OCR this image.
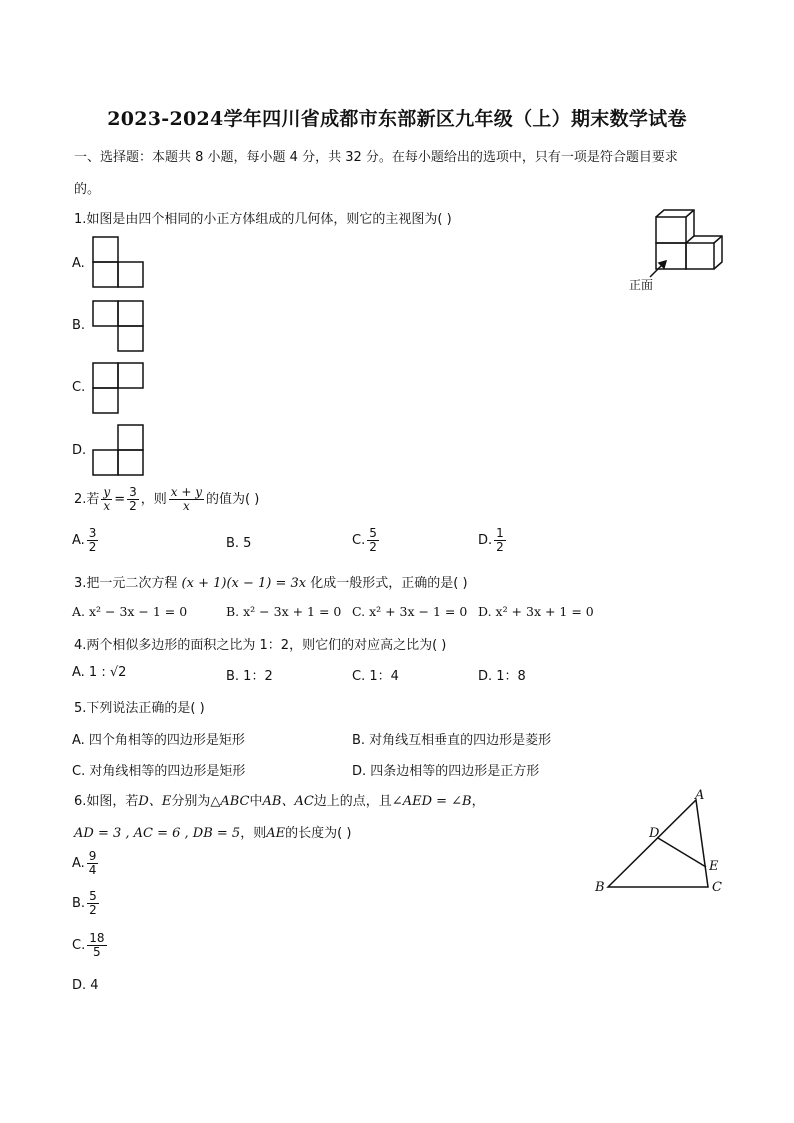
2023-2024学年四川省成都市东部新区九年级（上）期末数学试卷
一、选择题：本题共 8 小题，每小题 4 分，共 32 分。在每小题给出的选项中，只有一项是符合题目要求
的。
1.如图是由四个相同的小正方体组成的几何体，则它的主视图为( )
正面
A.
B.
C.
D.
2.若 $\frac{y}{x} = \frac{3}{2}$ ，则 $\frac{x + y}{x}$ 的值为( )
A. $\frac{3}{2}$	B. 5	C. $\frac{5}{2}$	D. $\frac{1}{2}$
3.把一元二次方程 (x + 1)(x − 1) = 3x 化成一般形式，正确的是( )
A. x² − 3x − 1 = 0	B. x² − 3x + 1 = 0 C. x² + 3x − 1 = 0 D. x² + 3x + 1 = 0
4.两个相似多边形的面积之比为 1：2，则它们的对应高之比为( )
A. 1 : √2	B. 1：2	C. 1：4	D. 1：8
5.下列说法正确的是( )
A. 四个角相等的四边形是矩形	B. 对角线互相垂直的四边形是菱形
C. 对角线相等的四边形是矩形	D. 四条边相等的四边形是正方形
6.如图，若D、E分别为△ABC中AB、AC边上的点，且∠AED = ∠B，
AD = 3 , AC = 6 , DB = 5，则AE的长度为( )
A
D
E
B	C
A. $\frac{9}{4}$
B. $\frac{5}{2}$
C. $\frac{18}{5}$
D. 4
